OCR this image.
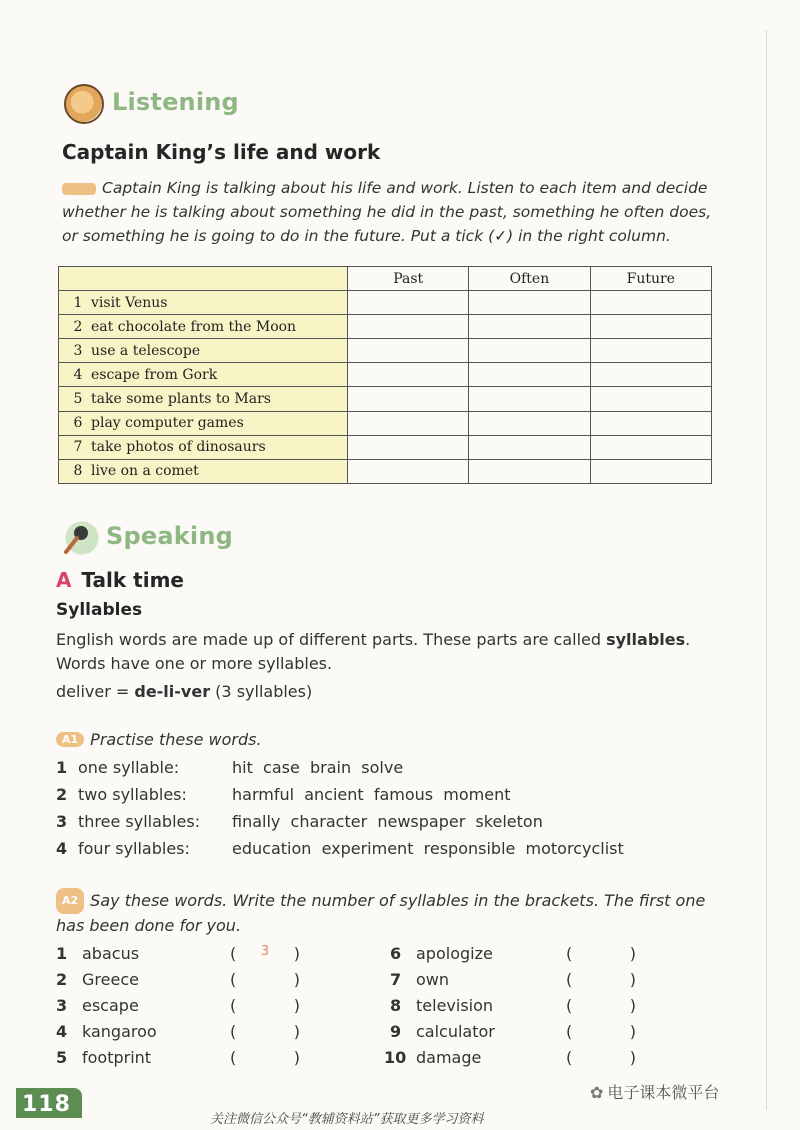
Listening
Captain King’s life and work
Captain King is talking about his life and work. Listen to each item and decide whether he is talking about something he did in the past, something he often does, or something he is going to do in the future. Put a tick (✓) in the right column.
	Past	Often	Future
1 visit Venus			
2 eat chocolate from the Moon			
3 use a telescope			
4 escape from Gork			
5 take some plants to Mars			
6 play computer games			
7 take photos of dinosaurs			
8 live on a comet			
Speaking
A Talk time
Syllables
English words are made up of different parts. These parts are called syllables. Words have one or more syllables.
deliver = de-li-ver (3 syllables)
A1 Practise these words.
1 one syllable:	hit  case  brain  solve
2 two syllables:	harmful  ancient  famous  moment
3 three syllables:	finally  character  newspaper  skeleton
4 four syllables:	education  experiment  responsible  motorcyclist
A2 Say these words. Write the number of syllables in the brackets. The first one has been done for you.
1 abacus	( 3 )
2 Greece	(	)
3 escape	(	)
4 kangaroo	(	)
5 footprint	(	)
6 apologize	(	)
7 own	(	)
8 television	(	)
9 calculator	(	)
10 damage	(	)
118	✿ 电子课本微平台
关注微信公众号“教辅资料站”获取更多学习资料
